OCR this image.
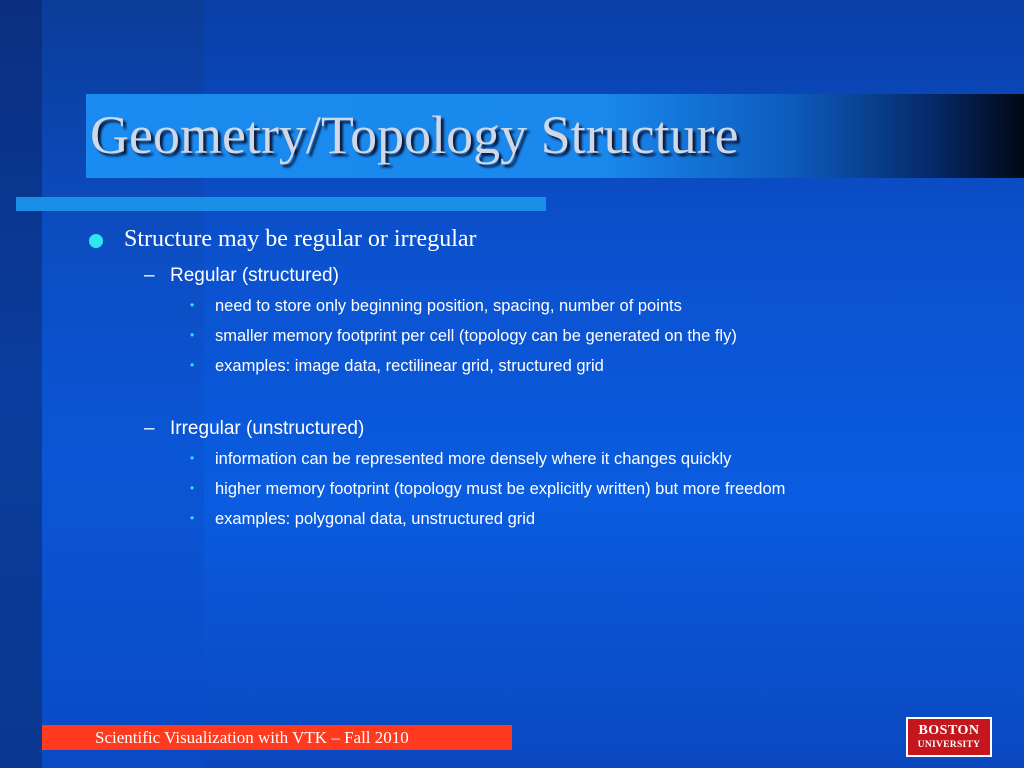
Geometry/Topology Structure
Structure may be regular or irregular
– Regular (structured)
• need to store only beginning position, spacing, number of points
• smaller memory footprint per cell (topology can be generated on the fly)
• examples: image data, rectilinear grid, structured grid
– Irregular (unstructured)
• information can be represented more densely where it changes quickly
• higher memory footprint (topology must be explicitly written) but more freedom
• examples: polygonal data, unstructured grid
Scientific Visualization with VTK – Fall 2010	BOSTON
UNIVERSITY
